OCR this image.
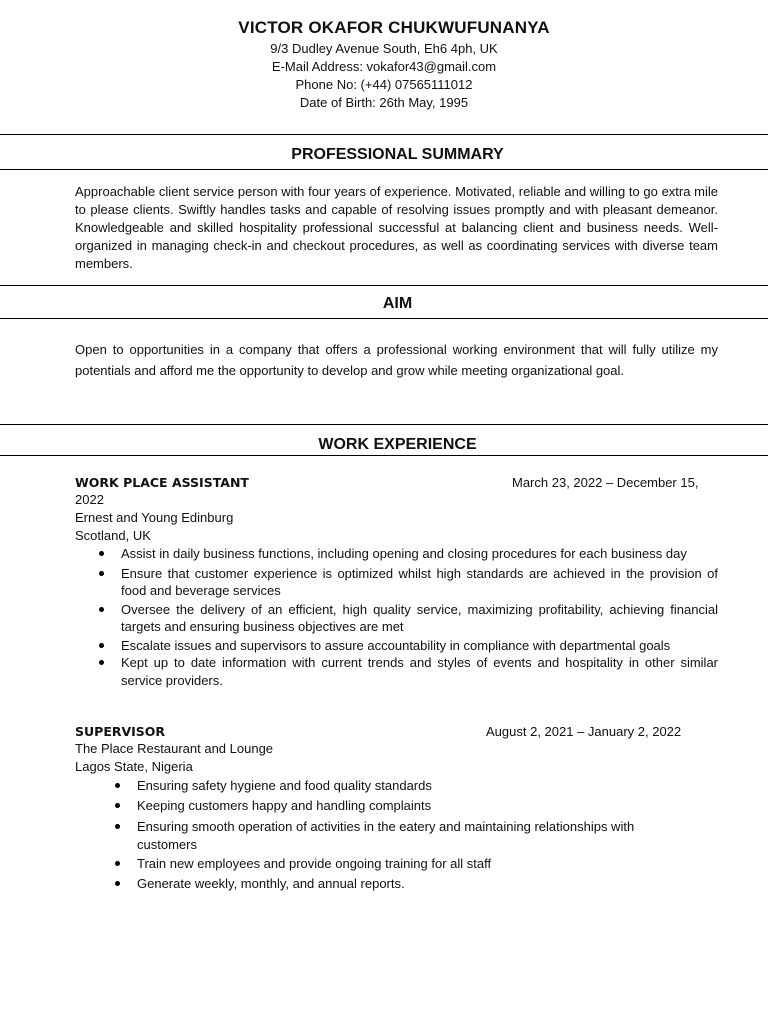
VICTOR OKAFOR CHUKWUFUNANYA
9/3 Dudley Avenue South, Eh6 4ph, UK
E-Mail Address: vokafor43@gmail.com
Phone No: (+44) 07565111012
Date of Birth: 26th May, 1995
PROFESSIONAL SUMMARY
Approachable client service person with four years of experience. Motivated, reliable and willing to go extra mile to please clients. Swiftly handles tasks and capable of resolving issues promptly and with pleasant demeanor. Knowledgeable and skilled hospitality professional successful at balancing client and business needs. Well-organized in managing check-in and checkout procedures, as well as coordinating services with diverse team members.
AIM
Open to opportunities in a company that offers a professional working environment that will fully utilize my potentials and afford me the opportunity to develop and grow while meeting organizational goal.
WORK EXPERIENCE
WORK PLACE ASSISTANT	March 23, 2022 – December 15,
2022
Ernest and Young Edinburg
Scotland, UK
Assist in daily business functions, including opening and closing procedures for each business day
Ensure that customer experience is optimized whilst high standards are achieved in the provision of food and beverage services
Oversee the delivery of an efficient, high quality service, maximizing profitability, achieving financial targets and ensuring business objectives are met
Escalate issues and supervisors to assure accountability in compliance with departmental goals
Kept up to date information with current trends and styles of events and hospitality in other similar service providers.
SUPERVISOR	August 2, 2021 – January 2, 2022
The Place Restaurant and Lounge
Lagos State, Nigeria
Ensuring safety hygiene and food quality standards
Keeping customers happy and handling complaints
Ensuring smooth operation of activities in the eatery and maintaining relationships with customers
Train new employees and provide ongoing training for all staff
Generate weekly, monthly, and annual reports.
